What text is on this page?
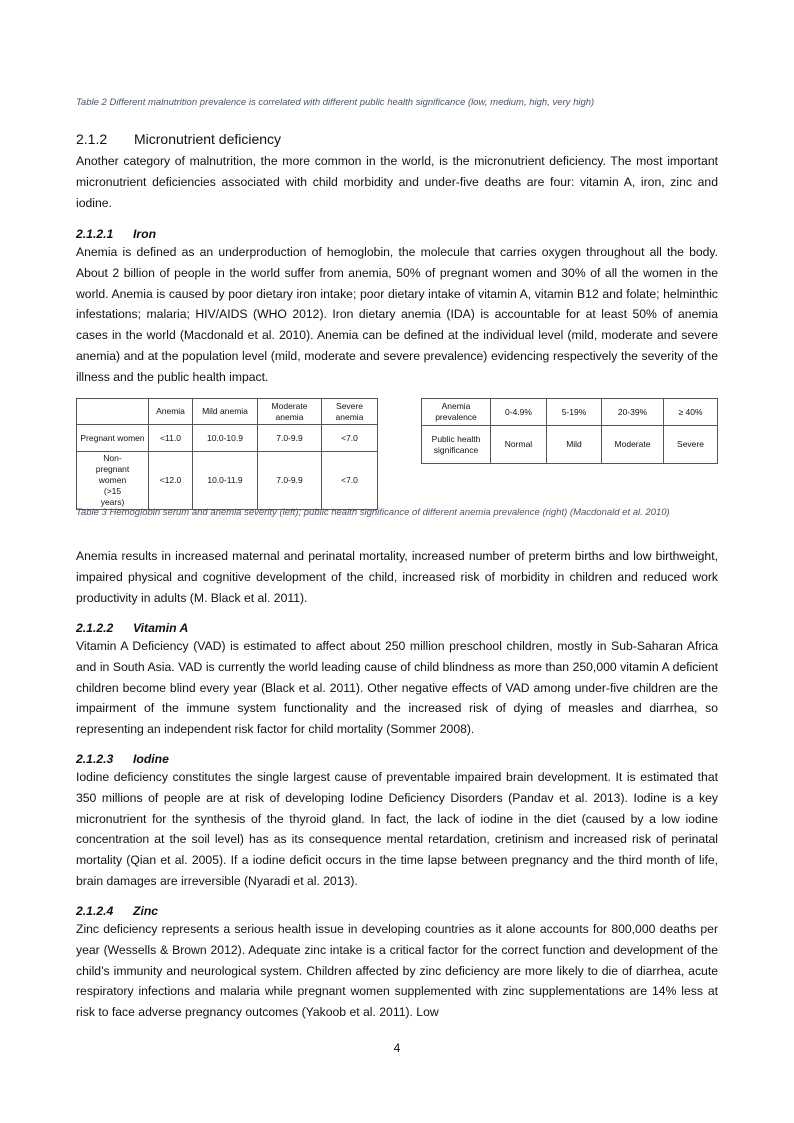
Table 2 Different malnutrition prevalence is correlated with different public health significance (low, medium, high, very high)

2.1.2 Micronutrient deficiency

Another category of malnutrition, the more common in the world, is the micronutrient deficiency. The most important micronutrient deficiencies associated with child morbidity and under-five deaths are four: vitamin A, iron, zinc and iodine.

2.1.2.1 Iron

Anemia is defined as an underproduction of hemoglobin, the molecule that carries oxygen throughout all the body. About 2 billion of people in the world suffer from anemia, 50% of pregnant women and 30% of all the women in the world. Anemia is caused by poor dietary iron intake; poor dietary intake of vitamin A, vitamin B12 and folate; helminthic infestations; malaria; HIV/AIDS (WHO 2012). Iron dietary anemia (IDA) is accountable for at least 50% of anemia cases in the world (Macdonald et al. 2010). Anemia can be defined at the individual level (mild, moderate and severe anemia) and at the population level (mild, moderate and severe prevalence) evidencing respectively the severity of the illness and the public health impact.

	Anemia	Mild anemia	Moderate anemia	Severe anemia
Pregnant women	<11.0	10.0-10.9	7.0-9.9	<7.0
Non-pregnant women (>15 years)	<12.0	10.0-11.9	7.0-9.9	<7.0
Anemia prevalence	0-4.9%	5-19%	20-39%	≥ 40%
Public health significance	Normal	Mild	Moderate	Severe

Table 3 Hemoglobin serum and anemia severity (left); public health significance of different anemia prevalence (right) (Macdonald et al. 2010)

Anemia results in increased maternal and perinatal mortality, increased number of preterm births and low birthweight, impaired physical and cognitive development of the child, increased risk of morbidity in children and reduced work productivity in adults (M. Black et al. 2011).

2.1.2.2 Vitamin A

Vitamin A Deficiency (VAD) is estimated to affect about 250 million preschool children, mostly in Sub-Saharan Africa and in South Asia. VAD is currently the world leading cause of child blindness as more than 250,000 vitamin A deficient children become blind every year (Black et al. 2011). Other negative effects of VAD among under-five children are the impairment of the immune system functionality and the increased risk of dying of measles and diarrhea, so representing an independent risk factor for child mortality (Sommer 2008).

2.1.2.3 Iodine

Iodine deficiency constitutes the single largest cause of preventable impaired brain development. It is estimated that 350 millions of people are at risk of developing Iodine Deficiency Disorders (Pandav et al. 2013). Iodine is a key micronutrient for the synthesis of the thyroid gland. In fact, the lack of iodine in the diet (caused by a low iodine concentration at the soil level) has as its consequence mental retardation, cretinism and increased risk of perinatal mortality (Qian et al. 2005). If a iodine deficit occurs in the time lapse between pregnancy and the third month of life, brain damages are irreversible (Nyaradi et al. 2013).

2.1.2.4 Zinc

Zinc deficiency represents a serious health issue in developing countries as it alone accounts for 800,000 deaths per year (Wessells & Brown 2012). Adequate zinc intake is a critical factor for the correct function and development of the child’s immunity and neurological system. Children affected by zinc deficiency are more likely to die of diarrhea, acute respiratory infections and malaria while pregnant women supplemented with zinc supplementations are 14% less at risk to face adverse pregnancy outcomes (Yakoob et al. 2011). Low

4
